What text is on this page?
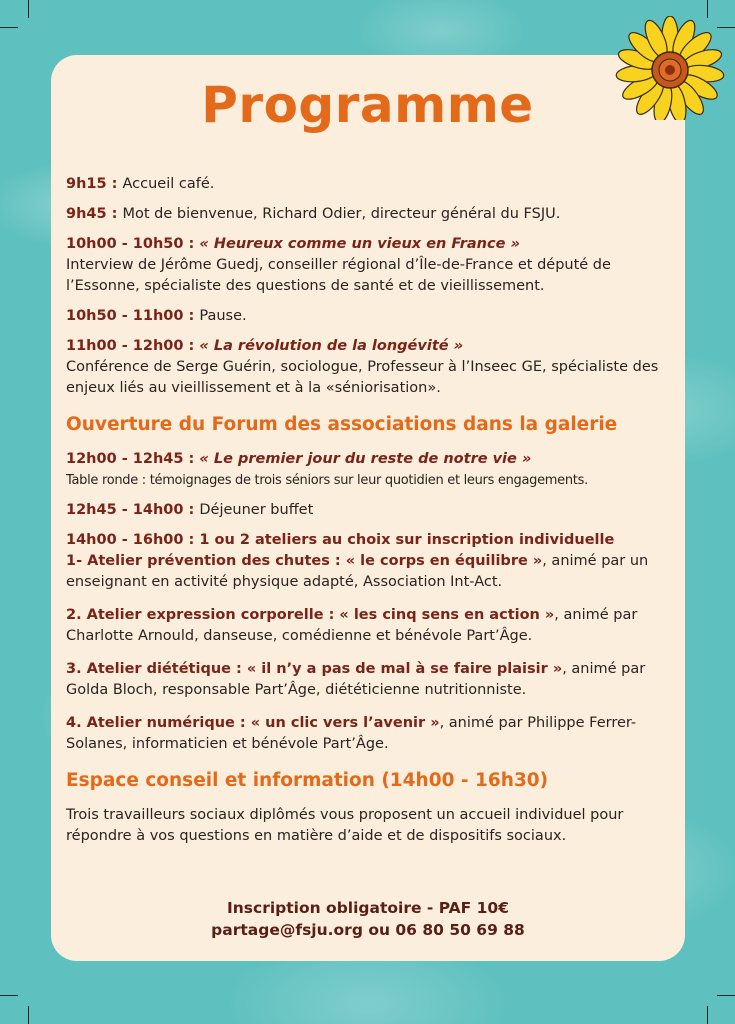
Programme

9h15 : Accueil café.

9h45 : Mot de bienvenue, Richard Odier, directeur général du FSJU.

10h00 - 10h50 : « Heureux comme un vieux en France »
Interview de Jérôme Guedj, conseiller régional d’Île-de-France et député de l’Essonne, spécialiste des questions de santé et de vieillissement.

10h50 - 11h00 : Pause.

11h00 - 12h00 : « La révolution de la longévité »
Conférence de Serge Guérin, sociologue, Professeur à l’Inseec GE, spécialiste des enjeux liés au vieillissement et à la «séniorisation».

Ouverture du Forum des associations dans la galerie

12h00 - 12h45 : « Le premier jour du reste de notre vie »
Table ronde : témoignages de trois séniors sur leur quotidien et leurs engagements.

12h45 - 14h00 : Déjeuner buffet

14h00 - 16h00 : 1 ou 2 ateliers au choix sur inscription individuelle
1- Atelier prévention des chutes : « le corps en équilibre », animé par un enseignant en activité physique adapté, Association Int-Act.

2. Atelier expression corporelle : « les cinq sens en action », animé par Charlotte Arnould, danseuse, comédienne et bénévole Part’Âge.

3. Atelier diététique : « il n’y a pas de mal à se faire plaisir », animé par Golda Bloch, responsable Part’Âge, diététicienne nutritionniste.

4. Atelier numérique : « un clic vers l’avenir », animé par Philippe Ferrer- Solanes, informaticien et bénévole Part’Âge.

Espace conseil et information (14h00 - 16h30)

Trois travailleurs sociaux diplômés vous proposent un accueil individuel pour répondre à vos questions en matière d’aide et de dispositifs sociaux.

Inscription obligatoire - PAF 10€
partage@fsju.org ou 06 80 50 69 88
